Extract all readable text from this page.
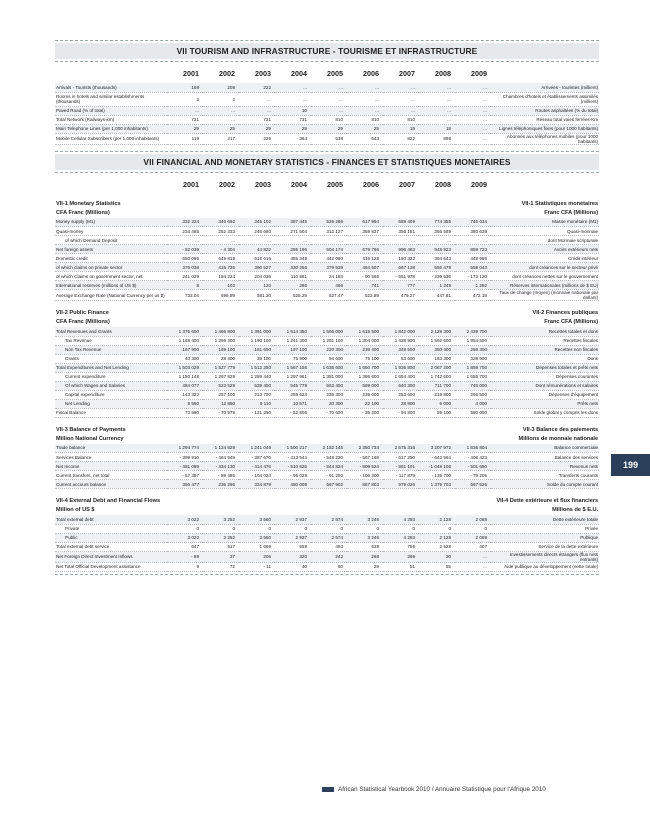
VII TOURISM AND INFRASTRUCTURE - TOURISME ET INFRASTRUCTURE

	2001	2002	2003	2004	2005	2006	2007	2008	2009	

Arrivals - Tourists (thousands)	169	208	222	...	...	...	...	...	...	Arrivées - touristes (milliers)
Rooms in hotels and similar establishments (thousands)	2	2	...	...	...	...	...	...	...	Chambres d'hotels et établissements assimilés (milliers)
Paved Road (% of total)	...	...	...	10	...	...	...	...	...	Routes asphaltées (% du total)
Total Network (Railways-km)	731	...	731	731	810	810	810	...	...	Réseau total voies ferrées-Km
Main Telephone Lines (per 1,000 inhabitants)	29	25	29	29	29	25	19	18	...	Lignes téléphoniques fixes (pour 1000 habitants)
Mobile Cellular Subscribers (per 1,000 inhabitants)	119	217	229	364	538	643	822	898	...	Abonnés aux téléphones mobiles (pour 1000 habitants)
VII FINANCIAL AND MONETARY STATISTICS - FINANCES ET STATISTIQUES MONETAIRES

	2001	2002	2003	2004	2005	2006	2007	2008	2009	

VII-1 Monetary Statistics					VII-1 Statistiques monétaires					
CFA Franc (Millions)					Franc CFA (Millions)					
Money supply (M1)	332 224	346 692	345 102	387 445	526 286	617 994	689 409	774 355	746 634	Masse monétaire (M1)
Quasi-money	234 465	252 333	246 660	271 504	312 127	359 837	356 161	366 589	380 639	Quasi-monnaie
of which Demand Deposit	...	...	...	...	...	...	...	...	...	dont Monnaie scripturale
Net foreign assets	- 52 039	- 4 304	44 822	255 196	504 174	679 766	996 463	948 923	859 723	Avoirs extérieurs nets
Domestic credit	650 095	649 819	616 615	485 349	442 080	416 128	160 322	394 643	449 986	Crédit intérieur
of which claims on private sector	375 038	415 735	390 527	330 256	379 539	464 507	667 138	556 479	558 043	dont créances sur le secteur privé
of which Claims on government sector, net	241 029	194 224	204 036	110 881	24 183	- 90 565	- 551 978	- 239 536	- 173 120	dont créances nettes sur le gouvernement
International reserves (millions of US $)	8	103	133	286	466	741	777	1 249	1 292	Réserves internationales (millions de $ EU)
Average Exchange Rate (National Currency per us $)	733.04	696.99	581.20	528.29	527.47	522.89	479.27	447.81	472.19	Taux de change (moyen) (monnaie nationale par dollars)

VII-2 Public Finance					VII-2 Finances publiques					
CFA Franc (Millions)					Franc CFA (Millions)					
Total Revenues and Grants	1 376 600	1 466 800	1 391 000	1 514 350	1 566 000	1 615 500	1 842 000	2 128 300	2 439 700	Recettes totales et dons
Tax Revenue	1 168 400	1 269 300	1 190 100	1 241 300	1 251 100	1 304 000	1 438 900	1 592 600	1 854 500	Recettes fiscales
Non Tax Revenue	167 900	169 100	161 600	197 100	220 300	236 400	349 500	350 400	256 300	Recettes non fiscales
Grants	40 300	28 400	39 100	75 900	94 600	75 100	53 600	183 300	328 900	Dons
Total Expenditures and Net Lending	1 503 029	1 527 779	1 512 250	1 567 156	1 636 600	1 650 700	1 936 800	2 067 200	1 859 700	Dépenses totales et prêts nets
Current expenditure	1 150 148	1 267 829	1 289 440	1 297 961	1 381 000	1 386 600	1 654 400	1 742 600	1 655 700	Dépenses courantes
Of which Wages and Salaries	484 077	523 529	539 400	545 779	563 400	589 000	640 300	711 700	746 000	Dont rémunérations et salaires
Capital expenditure	143 322	257 100	213 700	259 624	235 300	239 000	253 600	319 800	266 500	Dépenses d'équipement
Net Lending	9 560	12 850	9 110	10 571	20 300	22 100	28 800	6 000	4 000	Prêts nets
Fiscal Balance	73 580	- 70 979	- 121 250	- 52 806	- 70 600	- 35 200	- 94 800	59 100	580 000	Solde global y compris les dons

VII-3 Balance of Payments					VII-3 Balance des paiements					
Million National Currency					Millions de monnaie nationale					
Trade balance	1 294 774	1 124 829	1 241 049	1 500 217	2 152 145	2 350 734	2 575 316	3 207 972	1 836 804	Balance commerciale
Services Balance	- 399 910	- 464 949	- 387 670	- 413 544	- 548 220	- 567 168	- 617 250	- 643 564	- 406 423	Balance des services
Net Income	- 481 089	- 334 130	- 414 476	- 510 626	- 844 824	- 809 524	- 861 101	-1 048 106	- 501 650	Revenus nets
Current transfers, net total	- 57 397	- 89 485	- 104 024	- 95 029	- 91 200	- 106 300	- 117 879	- 135 700	- 79 205	Transferts courants
Current account balance	356 477	236 295	334 879	480 009	667 902	867 803	979 026	1 379 703	667 526	Solde du compte courant

VII-4 External Debt and Financial Flows					VII-4 Dette extérieure et flux financiers					
Million of US $					Millions de $ E.U.					
Total external debt	3 022	3 252	3 560	2 937	2 574	3 246	4 293	2 128	2 069	Dette extérieure totale
Private	0	0	0	0	0	0	0	0	0	Privée
Public	3 022	3 252	3 560	2 937	2 574	3 246	4 293	2 128	2 069	Publique
Total external debt service	647	517	1 669	559	493	639	755	2 528	407	Service de la dette extérieure
Net Foreign Direct Investment Inflows	- 89	37	206	320	242	268	269	20	...	Investissements directs étrangers (flux nets entrants)
Net Total Official Development assistance	9	72	- 11	40	60	29	51	55	...	Aide publique au développement (nette totale)
199
African Statistical Yearbook 2010 / Annuaire Statistique pour l'Afrique 2010
